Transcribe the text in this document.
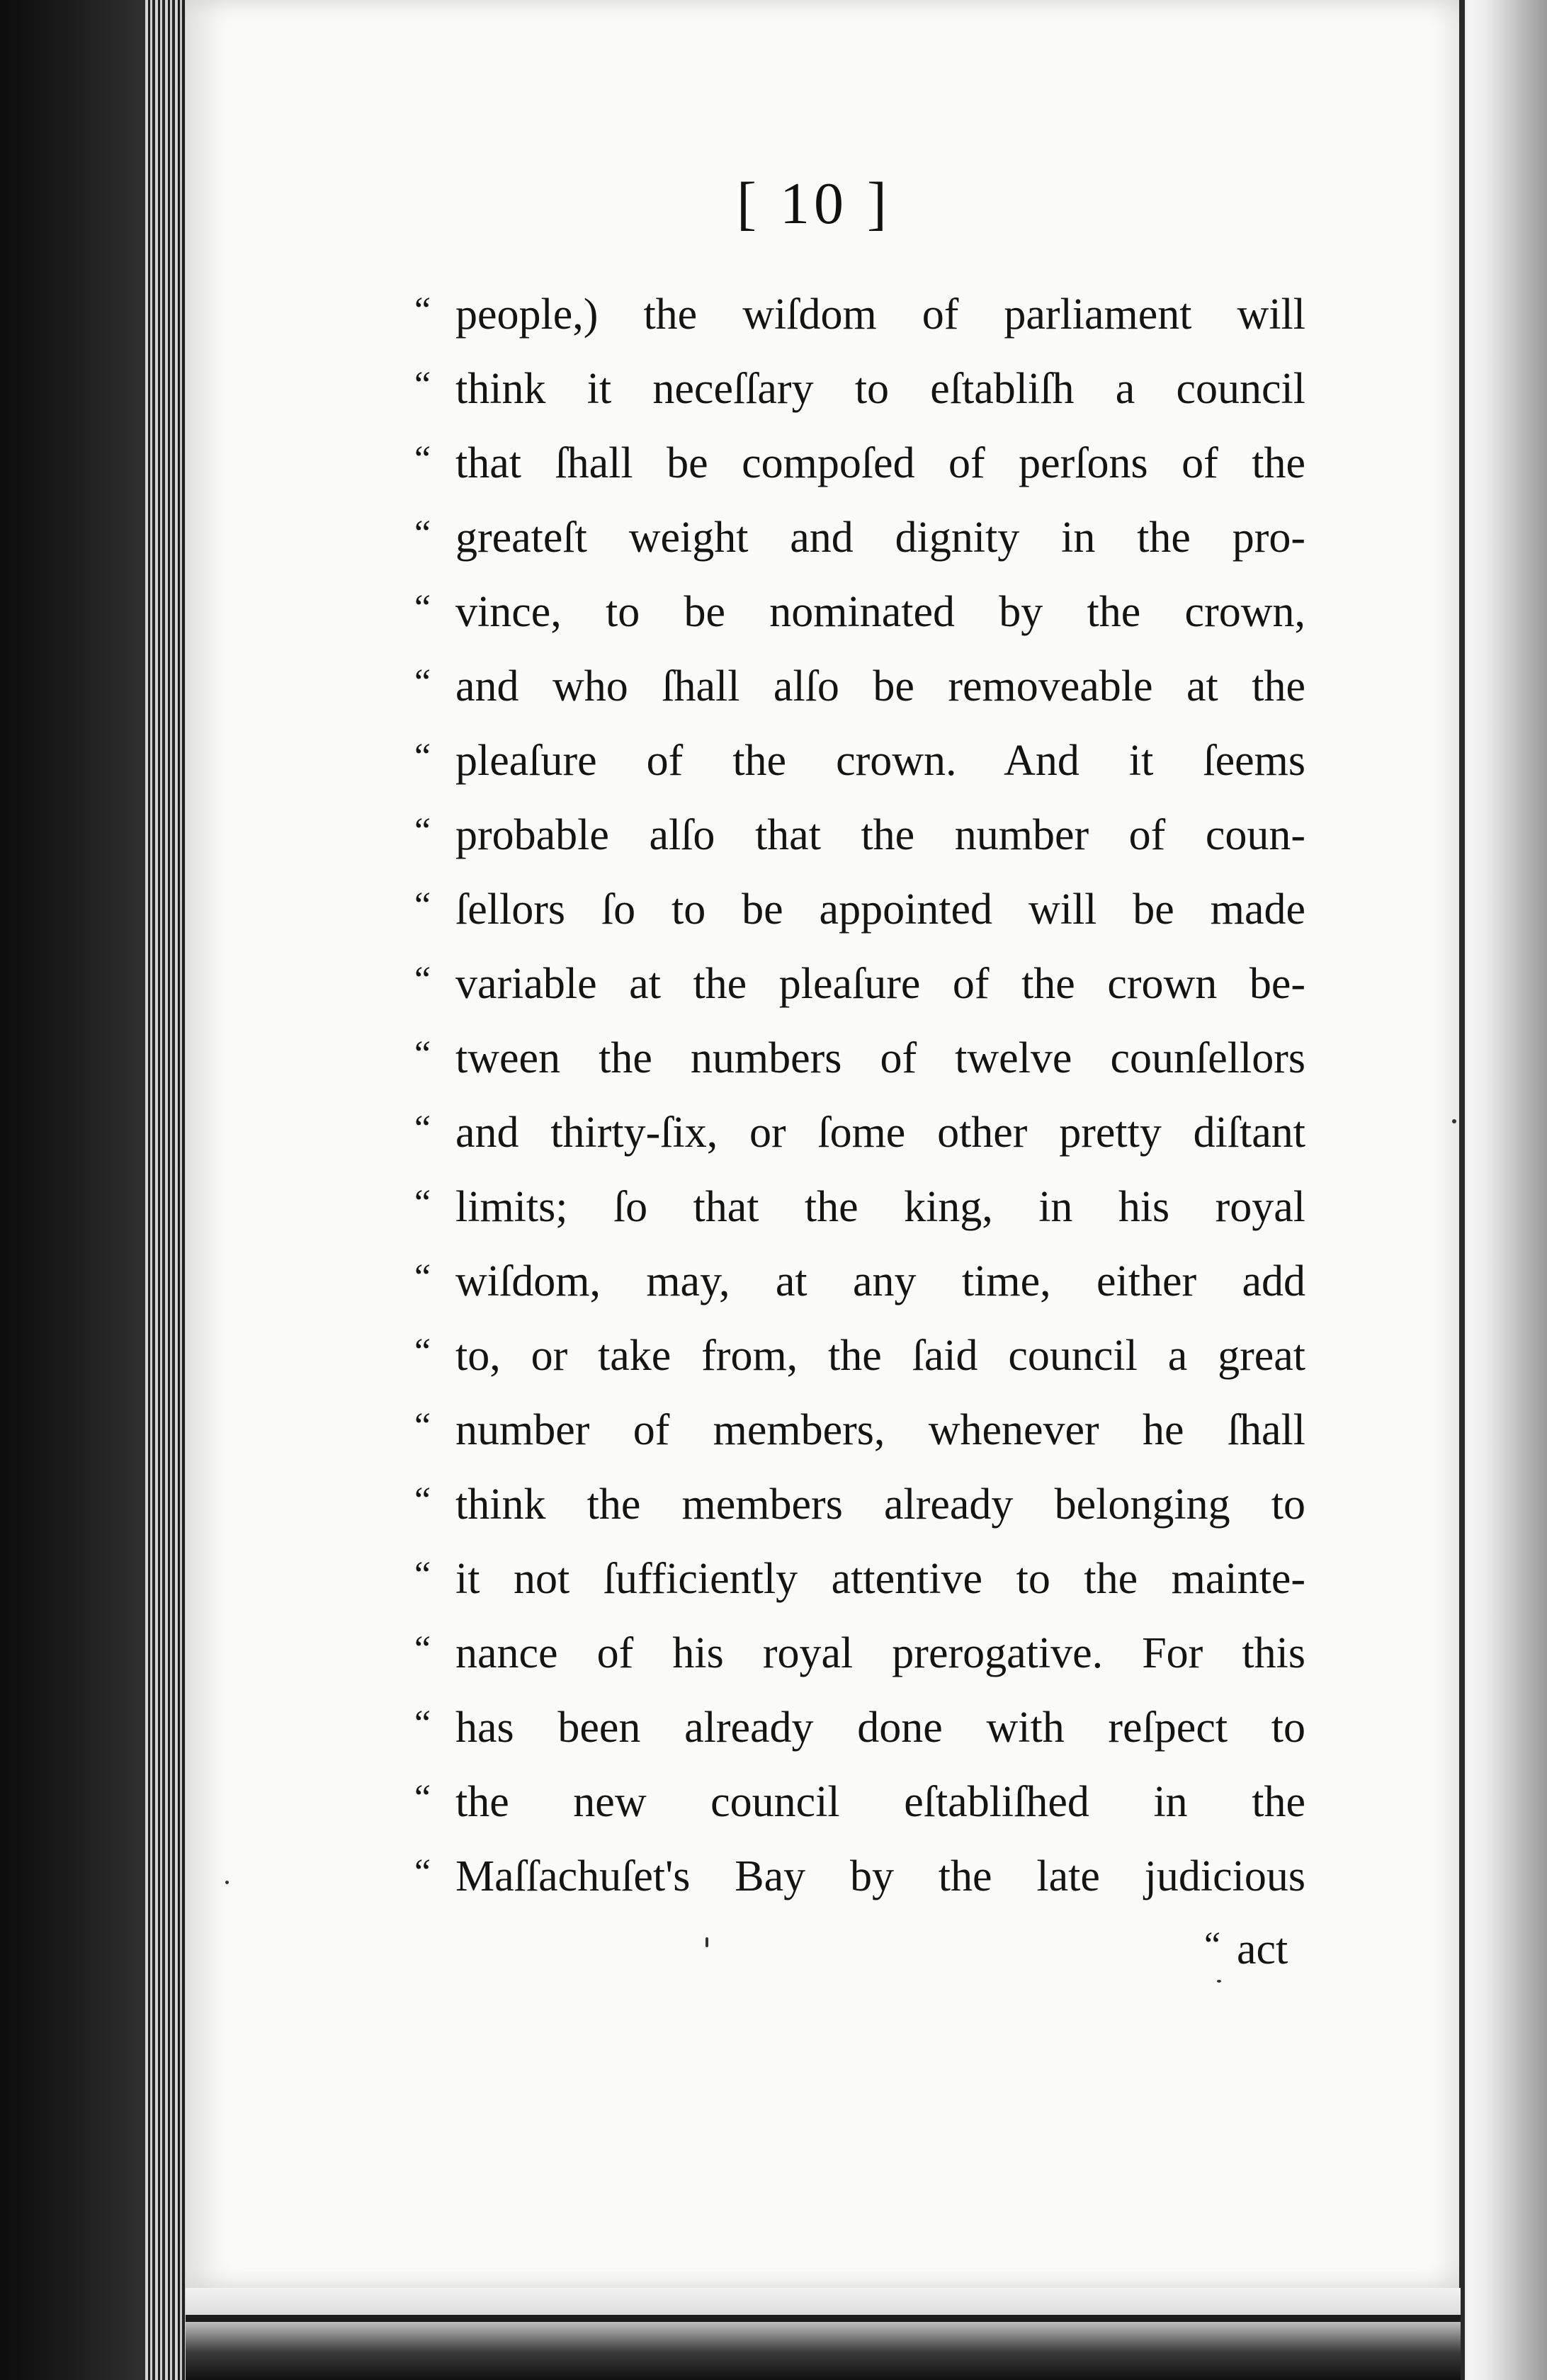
[ 10 ]
“ people,) the wiſdom of parliament will
“ think it neceſſary to eſtabliſh a council
“ that ſhall be compoſed of perſons of the
“ greateſt weight and dignity in the pro-
“ vince, to be nominated by the crown,
“ and who ſhall alſo be removeable at the
“ pleaſure of the crown. And it ſeems
“ probable alſo that the number of coun-
“ ſellors ſo to be appointed will be made
“ variable at the pleaſure of the crown be-
“ tween the numbers of twelve counſellors
“ and thirty-ſix, or ſome other pretty diſtant
“ limits; ſo that the king, in his royal
“ wiſdom, may, at any time, either add
“ to, or take from, the ſaid council a great
“ number of members, whenever he ſhall
“ think the members already belonging to
“ it not ſufficiently attentive to the mainte-
“ nance of his royal prerogative. For this
“ has been already done with reſpect to
“ the new council eſtabliſhed in the
“ Maſſachuſet's Bay by the late judicious
“ act
